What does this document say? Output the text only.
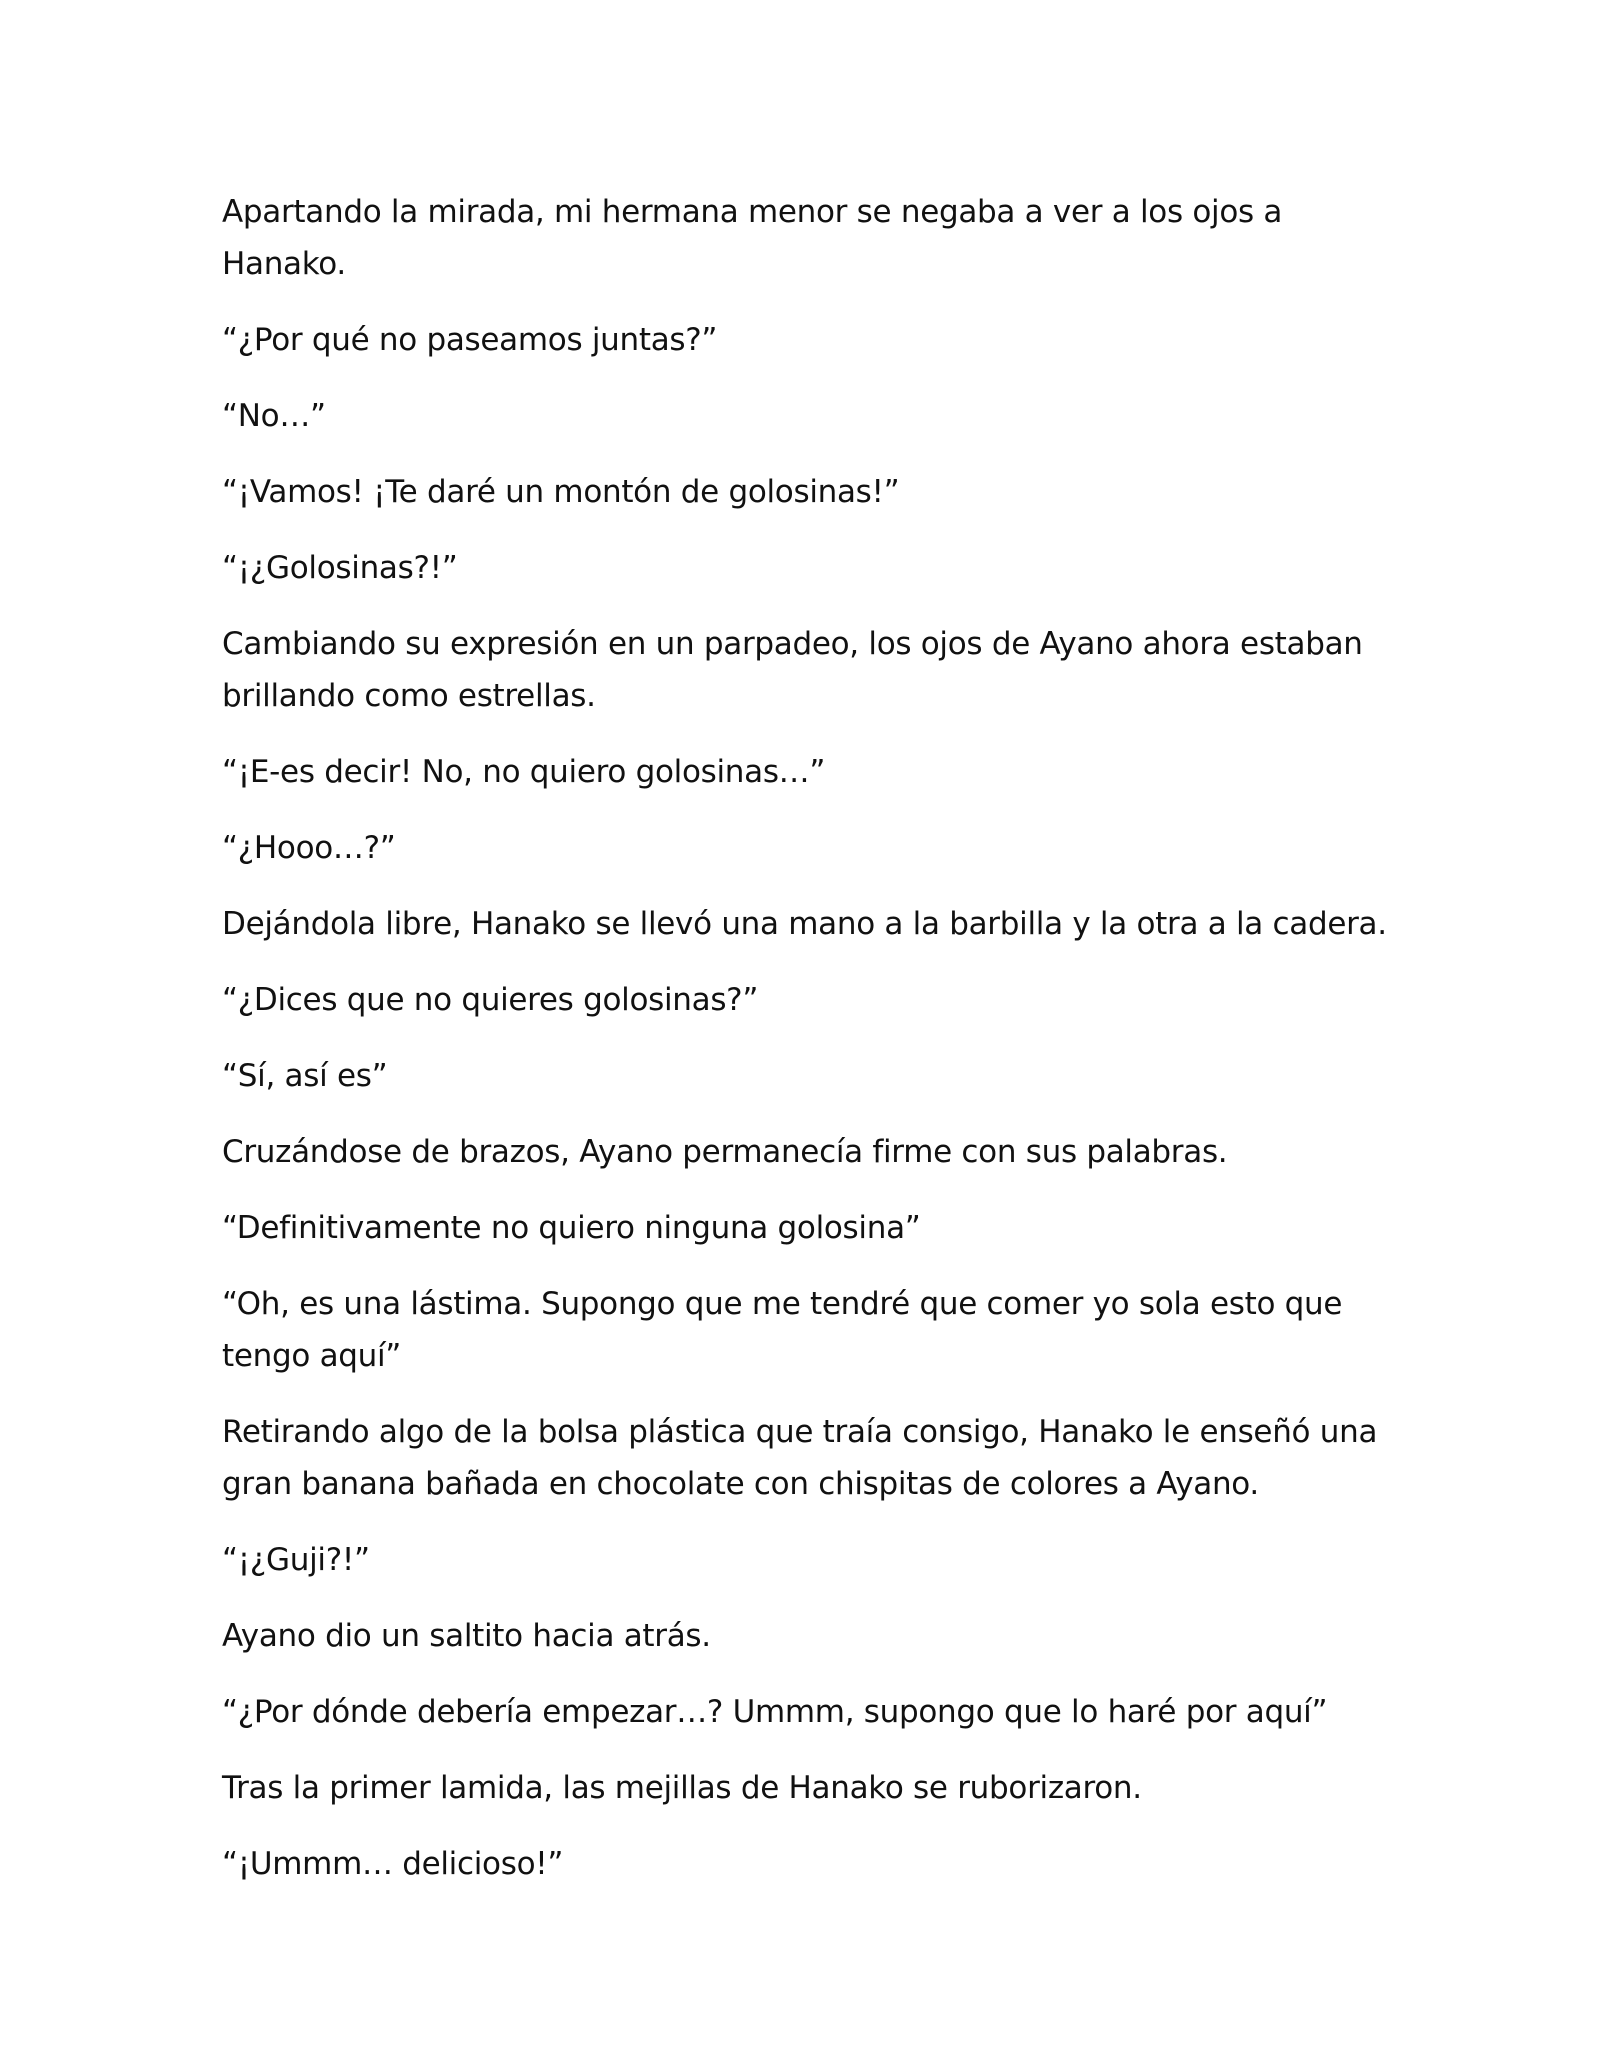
Apartando la mirada, mi hermana menor se negaba a ver a los ojos a Hanako.

“¿Por qué no paseamos juntas?”

“No…”

“¡Vamos! ¡Te daré un montón de golosinas!”

“¡¿Golosinas?!”

Cambiando su expresión en un parpadeo, los ojos de Ayano ahora estaban brillando como estrellas.

“¡E-es decir! No, no quiero golosinas…”

“¿Hooo…?”

Dejándola libre, Hanako se llevó una mano a la barbilla y la otra a la cadera.

“¿Dices que no quieres golosinas?”

“Sí, así es”

Cruzándose de brazos, Ayano permanecía firme con sus palabras.

“Definitivamente no quiero ninguna golosina”

“Oh, es una lástima. Supongo que me tendré que comer yo sola esto que tengo aquí”

Retirando algo de la bolsa plástica que traía consigo, Hanako le enseñó una gran banana bañada en chocolate con chispitas de colores a Ayano.

“¡¿Guji?!”

Ayano dio un saltito hacia atrás.

“¿Por dónde debería empezar…? Ummm, supongo que lo haré por aquí”

Tras la primer lamida, las mejillas de Hanako se ruborizaron.

“¡Ummm… delicioso!”
